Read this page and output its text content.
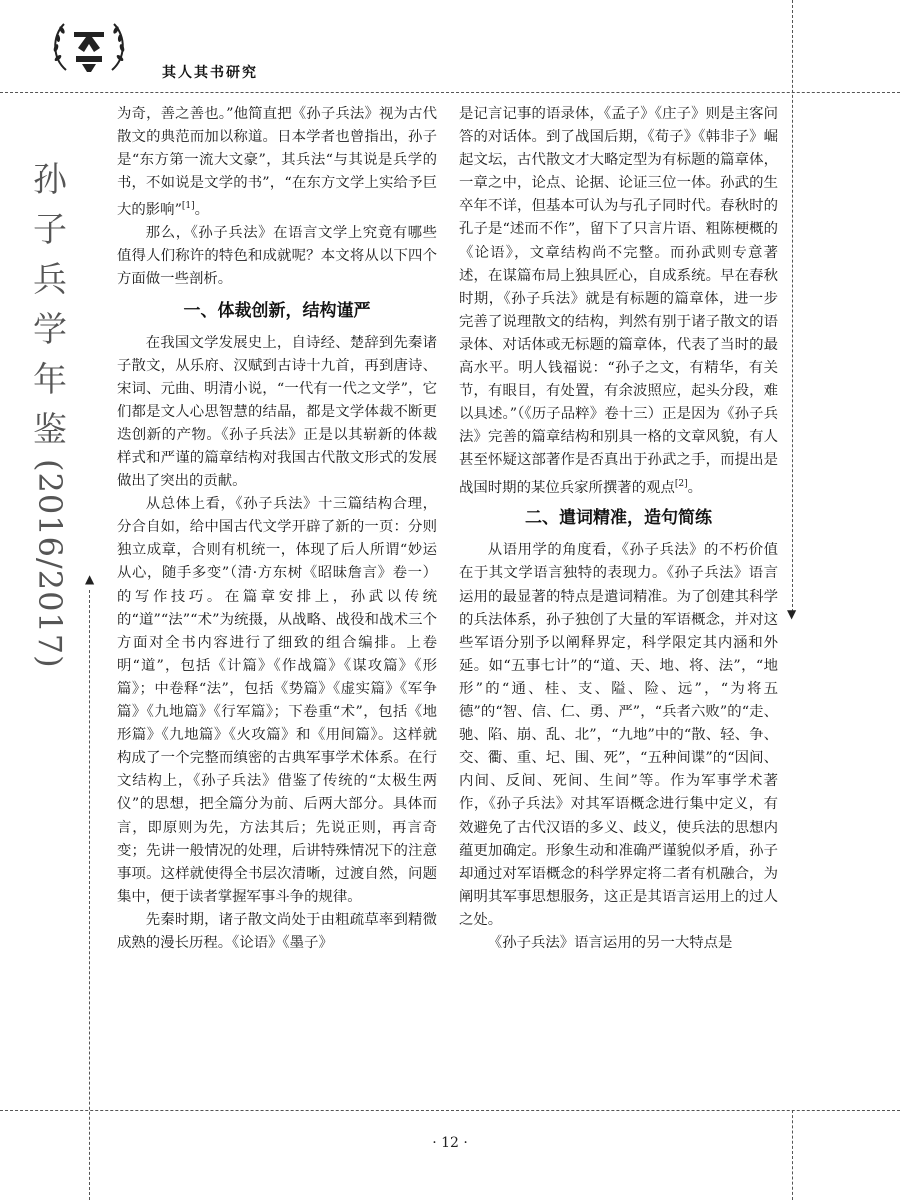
其人其书研究
孙
子
兵
学
年
鉴
(2016/2017)	▲
▼

为奇，善之善也。”他简直把《孙子兵法》视为古代散文的典范而加以称道。日本学者也曾指出，孙子是“东方第一流大文豪”，其兵法“与其说是兵学的书，不如说是文学的书”，“在东方文学上实给予巨大的影响”[1]。

那么，《孙子兵法》在语言文学上究竟有哪些值得人们称许的特色和成就呢？本文将从以下四个方面做一些剖析。

一、体裁创新，结构谨严

在我国文学发展史上，自诗经、楚辞到先秦诸子散文，从乐府、汉赋到古诗十九首，再到唐诗、宋词、元曲、明清小说，“一代有一代之文学”，它们都是文人心思智慧的结晶，都是文学体裁不断更迭创新的产物。《孙子兵法》正是以其崭新的体裁样式和严谨的篇章结构对我国古代散文形式的发展做出了突出的贡献。

从总体上看，《孙子兵法》十三篇结构合理，分合自如，给中国古代文学开辟了新的一页：分则独立成章，合则有机统一，体现了后人所谓“妙运从心，随手多变”（清·方东树《昭昧詹言》卷一）的写作技巧。在篇章安排上，孙武以传统的“道”“法”“术”为统摄，从战略、战役和战术三个方面对全书内容进行了细致的组合编排。上卷明“道”，包括《计篇》《作战篇》《谋攻篇》《形篇》；中卷释“法”，包括《势篇》《虚实篇》《军争篇》《九地篇》《行军篇》；下卷重“术”，包括《地形篇》《九地篇》《火攻篇》和《用间篇》。这样就构成了一个完整而缜密的古典军事学术体系。在行文结构上，《孙子兵法》借鉴了传统的“太极生两仪”的思想，把全篇分为前、后两大部分。具体而言，即原则为先，方法其后；先说正则，再言奇变；先讲一般情况的处理，后讲特殊情况下的注意事项。这样就使得全书层次清晰，过渡自然，问题集中，便于读者掌握军事斗争的规律。

先秦时期，诸子散文尚处于由粗疏草率到精微成熟的漫长历程。《论语》《墨子》

是记言记事的语录体，《孟子》《庄子》则是主客问答的对话体。到了战国后期，《荀子》《韩非子》崛起文坛，古代散文才大略定型为有标题的篇章体，一章之中，论点、论据、论证三位一体。孙武的生卒年不详，但基本可认为与孔子同时代。春秋时的孔子是“述而不作”，留下了只言片语、粗陈梗概的《论语》，文章结构尚不完整。而孙武则专意著述，在谋篇布局上独具匠心，自成系统。早在春秋时期，《孙子兵法》就是有标题的篇章体，进一步完善了说理散文的结构，判然有别于诸子散文的语录体、对话体或无标题的篇章体，代表了当时的最高水平。明人钱福说：“孙子之文，有精华，有关节，有眼目，有处置，有余波照应，起头分段，难以具述。”（《历子品粹》卷十三）正是因为《孙子兵法》完善的篇章结构和别具一格的文章风貌，有人甚至怀疑这部著作是否真出于孙武之手，而提出是战国时期的某位兵家所撰著的观点[2]。

二、遣词精准，造句简练

从语用学的角度看，《孙子兵法》的不朽价值在于其文学语言独特的表现力。《孙子兵法》语言运用的最显著的特点是遣词精准。为了创建其科学的兵法体系，孙子独创了大量的军语概念，并对这些军语分别予以阐释界定，科学限定其内涵和外延。如“五事七计”的“道、天、地、将、法”，“地形”的“通、桂、支、隘、险、远”，“为将五德”的“智、信、仁、勇、严”，“兵者六败”的“走、驰、陷、崩、乱、北”，“九地”中的“散、轻、争、交、衢、重、圮、围、死”，“五种间谍”的“因间、内间、反间、死间、生间”等。作为军事学术著作，《孙子兵法》对其军语概念进行集中定义，有效避免了古代汉语的多义、歧义，使兵法的思想内蕴更加确定。形象生动和准确严谨貌似矛盾，孙子却通过对军语概念的科学界定将二者有机融合，为阐明其军事思想服务，这正是其语言运用上的过人之处。

《孙子兵法》语言运用的另一大特点是

· 12 ·
